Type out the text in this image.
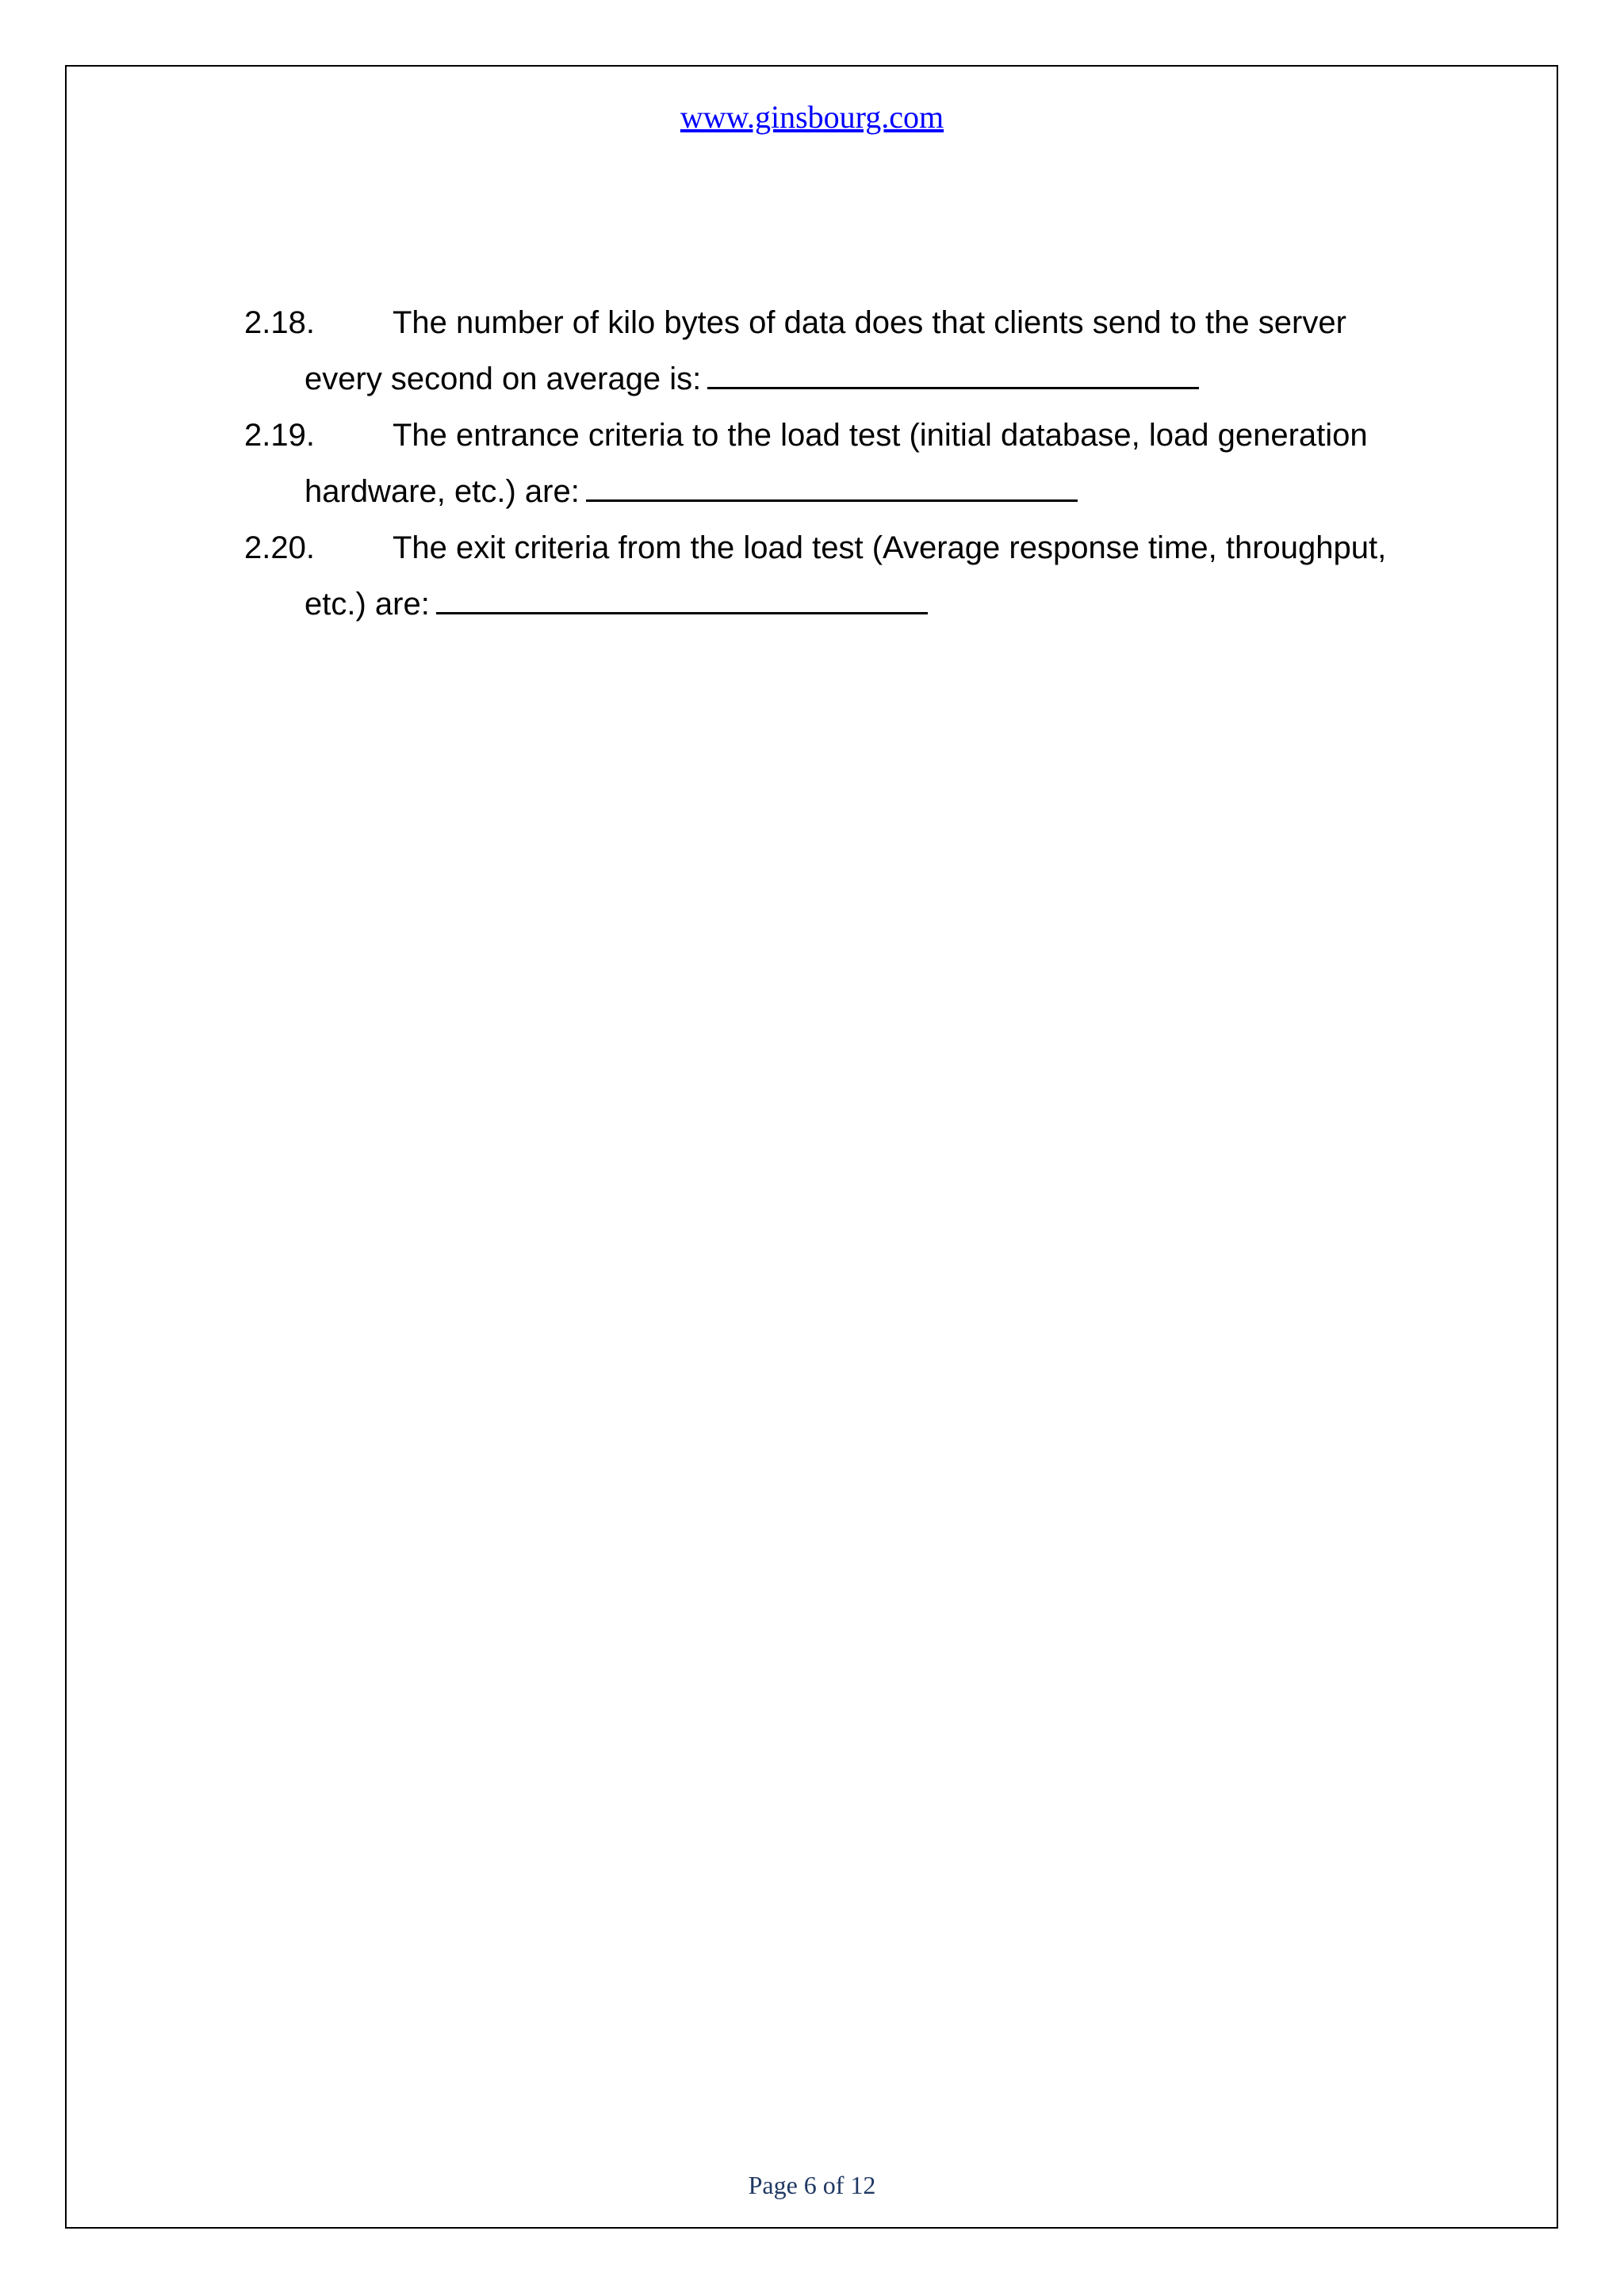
www.ginsbourg.com
2.18. The number of kilo bytes of data does that clients send to the server
every second on average is:
2.19. The entrance criteria to the load test (initial database, load generation
hardware, etc.) are:
2.20. The exit criteria from the load test (Average response time, throughput,
etc.) are:
Page 6 of 12
